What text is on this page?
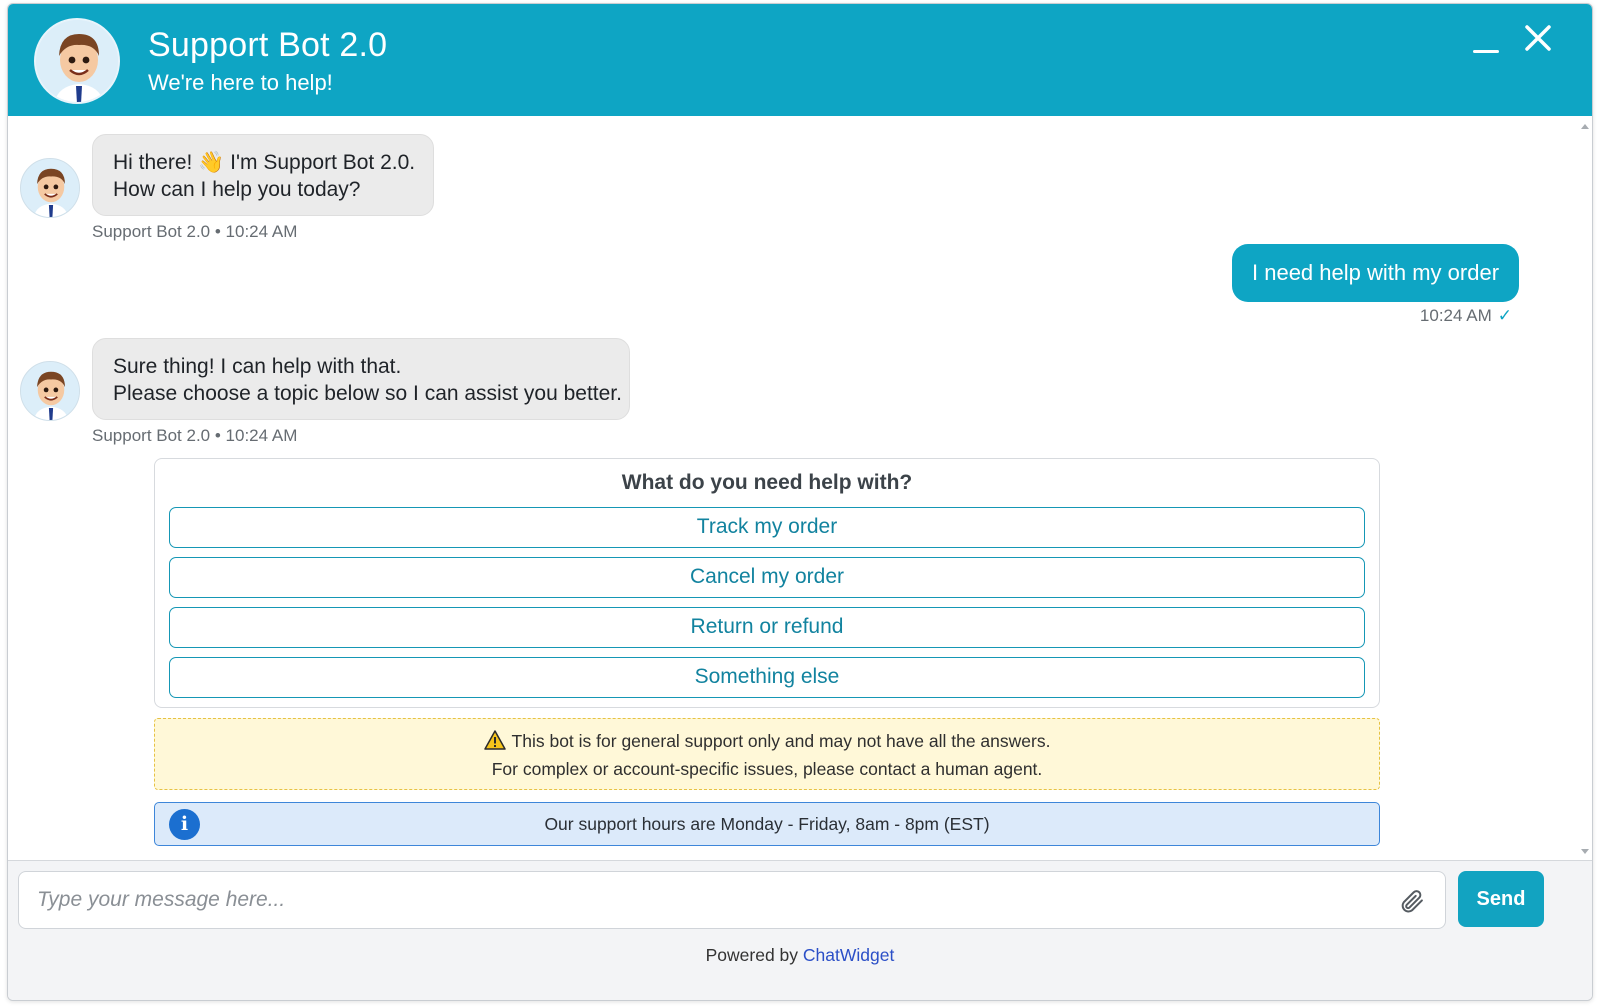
Support Bot 2.0
We're here to help!
Hi there! 👋 I'm Support Bot 2.0.
How can I help you today?
Support Bot 2.0 • 10:24 AM
I need help with my order
10:24 AM ✓
Sure thing! I can help with that.
Please choose a topic below so I can assist you better.
Support Bot 2.0 • 10:24 AM
What do you need help with?
Track my order
Cancel my order
Return or refund
Something else
This bot is for general support only and may not have all the answers.
For complex or account-specific issues, please contact a human agent.
i	Our support hours are Monday - Friday, 8am - 8pm (EST)
Type your message here...
Send
Powered by ChatWidget
